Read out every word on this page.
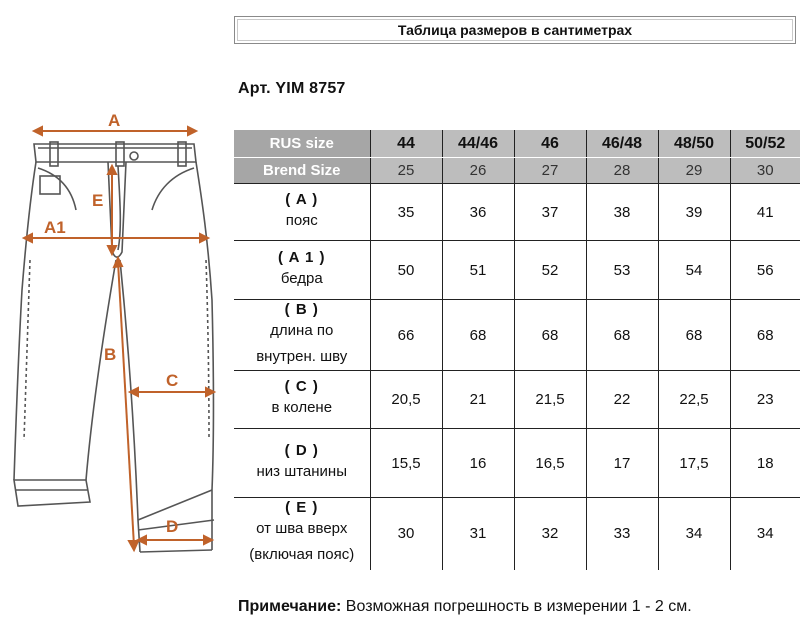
Таблица размеров в сантиметрах
Арт. YIM 8757
A
A1
E
B
C
D
RUS size	44	44/46	46	46/48	48/50	50/52
Brend Size	25	26	27	28	29	30

( A )
пояс	35	36	37	38	39	41

( A 1 )
бедра	50	51	52	53	54	56

( B )
длина по
внутрен. шву	66	68	68	68	68	68

( C )
в колене	20,5	21	21,5	22	22,5	23

( D )
низ штанины	15,5	16	16,5	17	17,5	18

( E )
от шва вверх
(включая пояс)	30	31	32	33	34	34
Примечание: Возможная погрешность в измерении 1 - 2 см.
